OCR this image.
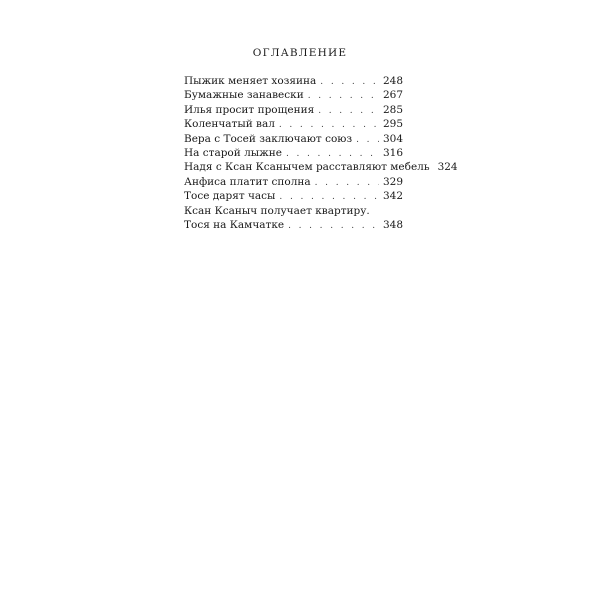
ОГЛАВЛЕНИЕ
Пыжик меняет хозяина . . .	248
Бумажные занавески . . .	267
Илья просит прощения . . .	285
Коленчатый вал . . .	295
Вера с Тосей заключают союз . . .	304
На старой лыжне . . .	316
Надя с Ксан Ксанычем расставляют мебель 324
Анфиса платит сполна . . .	329
Тосе дарят часы . . .	342
Ксан Ксаныч получает квартиру.
Тося на Камчатке . . .	348
